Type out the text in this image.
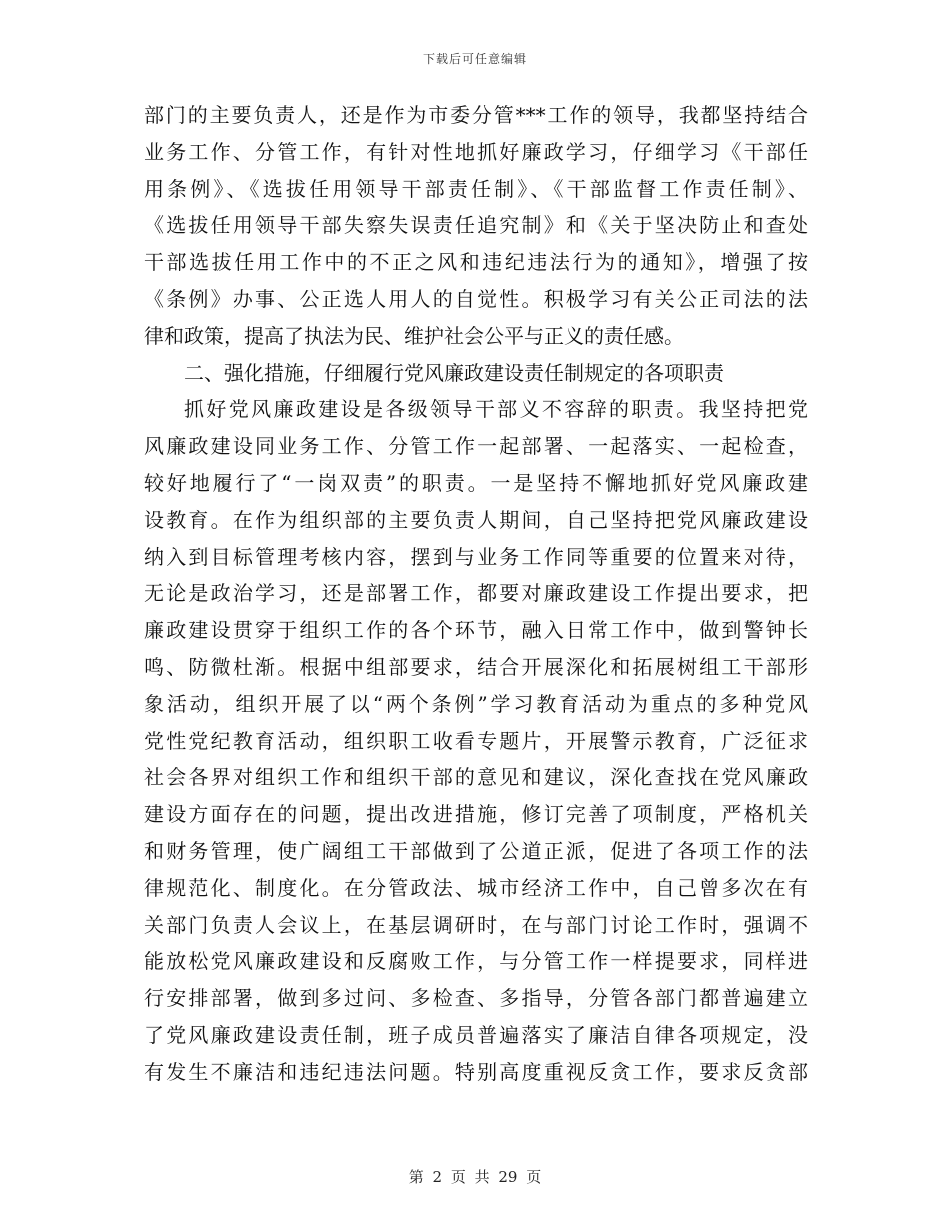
下载后可任意编辑
部门的主要负责人，还是作为市委分管***工作的领导，我都坚持结合
业务工作、分管工作，有针对性地抓好廉政学习，仔细学习《干部任
用条例》、《选拔任用领导干部责任制》、《干部监督工作责任制》、
《选拔任用领导干部失察失误责任追究制》和《关于坚决防止和查处
干部选拔任用工作中的不正之风和违纪违法行为的通知》，增强了按
《条例》办事、公正选人用人的自觉性。积极学习有关公正司法的法
律和政策，提高了执法为民、维护社会公平与正义的责任感。
二、强化措施，仔细履行党风廉政建设责任制规定的各项职责
抓好党风廉政建设是各级领导干部义不容辞的职责。我坚持把党
风廉政建设同业务工作、分管工作一起部署、一起落实、一起检查，
较好地履行了“一岗双责”的职责。一是坚持不懈地抓好党风廉政建
设教育。在作为组织部的主要负责人期间，自己坚持把党风廉政建设
纳入到目标管理考核内容，摆到与业务工作同等重要的位置来对待，
无论是政治学习，还是部署工作，都要对廉政建设工作提出要求，把
廉政建设贯穿于组织工作的各个环节，融入日常工作中，做到警钟长
鸣、防微杜渐。根据中组部要求，结合开展深化和拓展树组工干部形
象活动，组织开展了以“两个条例”学习教育活动为重点的多种党风
党性党纪教育活动，组织职工收看专题片，开展警示教育，广泛征求
社会各界对组织工作和组织干部的意见和建议，深化查找在党风廉政
建设方面存在的问题，提出改进措施，修订完善了项制度，严格机关
和财务管理，使广阔组工干部做到了公道正派，促进了各项工作的法
律规范化、制度化。在分管政法、城市经济工作中，自己曾多次在有
关部门负责人会议上，在基层调研时，在与部门讨论工作时，强调不
能放松党风廉政建设和反腐败工作，与分管工作一样提要求，同样进
行安排部署，做到多过问、多检查、多指导，分管各部门都普遍建立
了党风廉政建设责任制，班子成员普遍落实了廉洁自律各项规定，没
有发生不廉洁和违纪违法问题。特别高度重视反贪工作，要求反贪部
第 2 页 共 29 页
